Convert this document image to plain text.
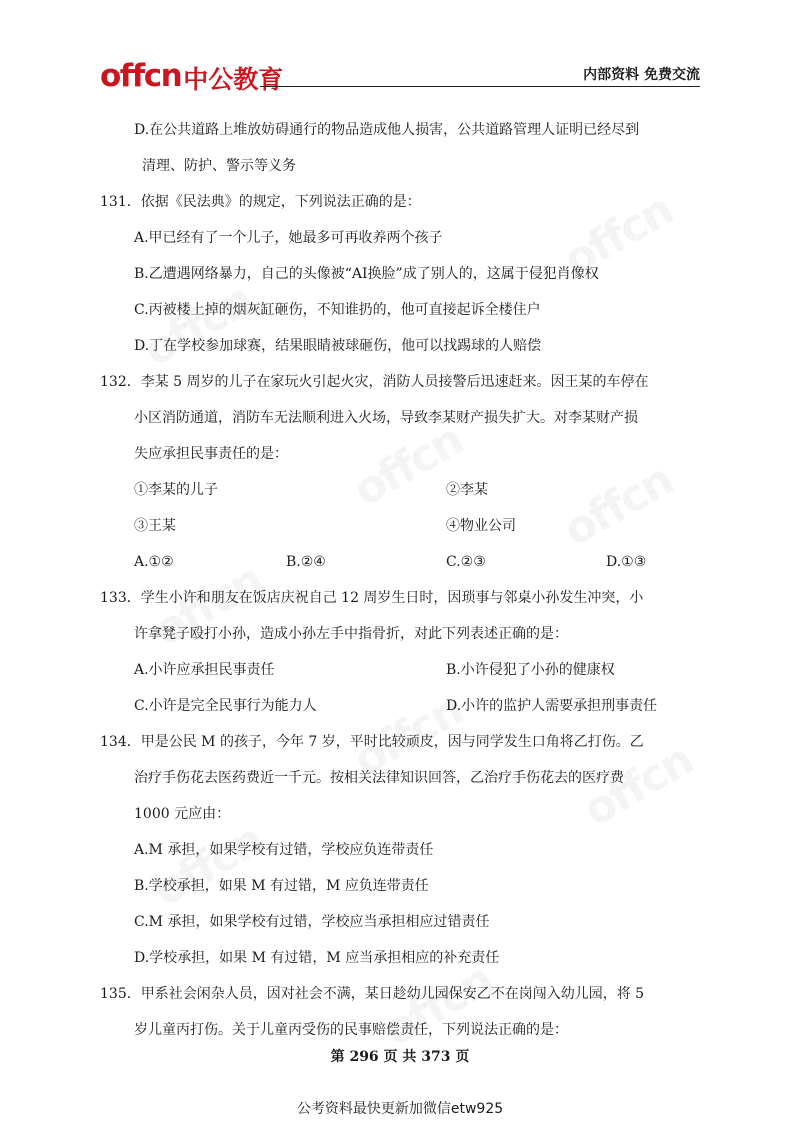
offcn 中公教育	内部资料 免费交流
D.在公共道路上堆放妨碍通行的物品造成他人损害，公共道路管理人证明已经尽到
清理、防护、警示等义务
131．依据《民法典》的规定，下列说法正确的是：
A.甲已经有了一个儿子，她最多可再收养两个孩子
B.乙遭遇网络暴力，自己的头像被“AI换脸”成了别人的，这属于侵犯肖像权
C.丙被楼上掉的烟灰缸砸伤，不知谁扔的，他可直接起诉全楼住户
D.丁在学校参加球赛，结果眼睛被球砸伤，他可以找踢球的人赔偿
132．李某 5 周岁的儿子在家玩火引起火灾，消防人员接警后迅速赶来。因王某的车停在
小区消防通道，消防车无法顺利进入火场，导致李某财产损失扩大。对李某财产损
失应承担民事责任的是：
①李某的儿子	②李某
③王某	④物业公司
A.①②	B.②④	C.②③	D.①③
133．学生小许和朋友在饭店庆祝自己 12 周岁生日时，因琐事与邻桌小孙发生冲突，小
许拿凳子殴打小孙，造成小孙左手中指骨折，对此下列表述正确的是：
A.小许应承担民事责任	B.小许侵犯了小孙的健康权
C.小许是完全民事行为能力人	D.小许的监护人需要承担刑事责任
134．甲是公民 M 的孩子，今年 7 岁，平时比较顽皮，因与同学发生口角将乙打伤。乙
治疗手伤花去医药费近一千元。按相关法律知识回答，乙治疗手伤花去的医疗费
1000 元应由：
A.M 承担，如果学校有过错，学校应负连带责任
B.学校承担，如果 M 有过错，M 应负连带责任
C.M 承担，如果学校有过错，学校应当承担相应过错责任
D.学校承担，如果 M 有过错，M 应当承担相应的补充责任
135．甲系社会闲杂人员，因对社会不满，某日趁幼儿园保安乙不在岗闯入幼儿园，将 5
岁儿童丙打伤。关于儿童丙受伤的民事赔偿责任，下列说法正确的是：
第 296 页 共 373 页
公考资料最快更新加微信etw925
